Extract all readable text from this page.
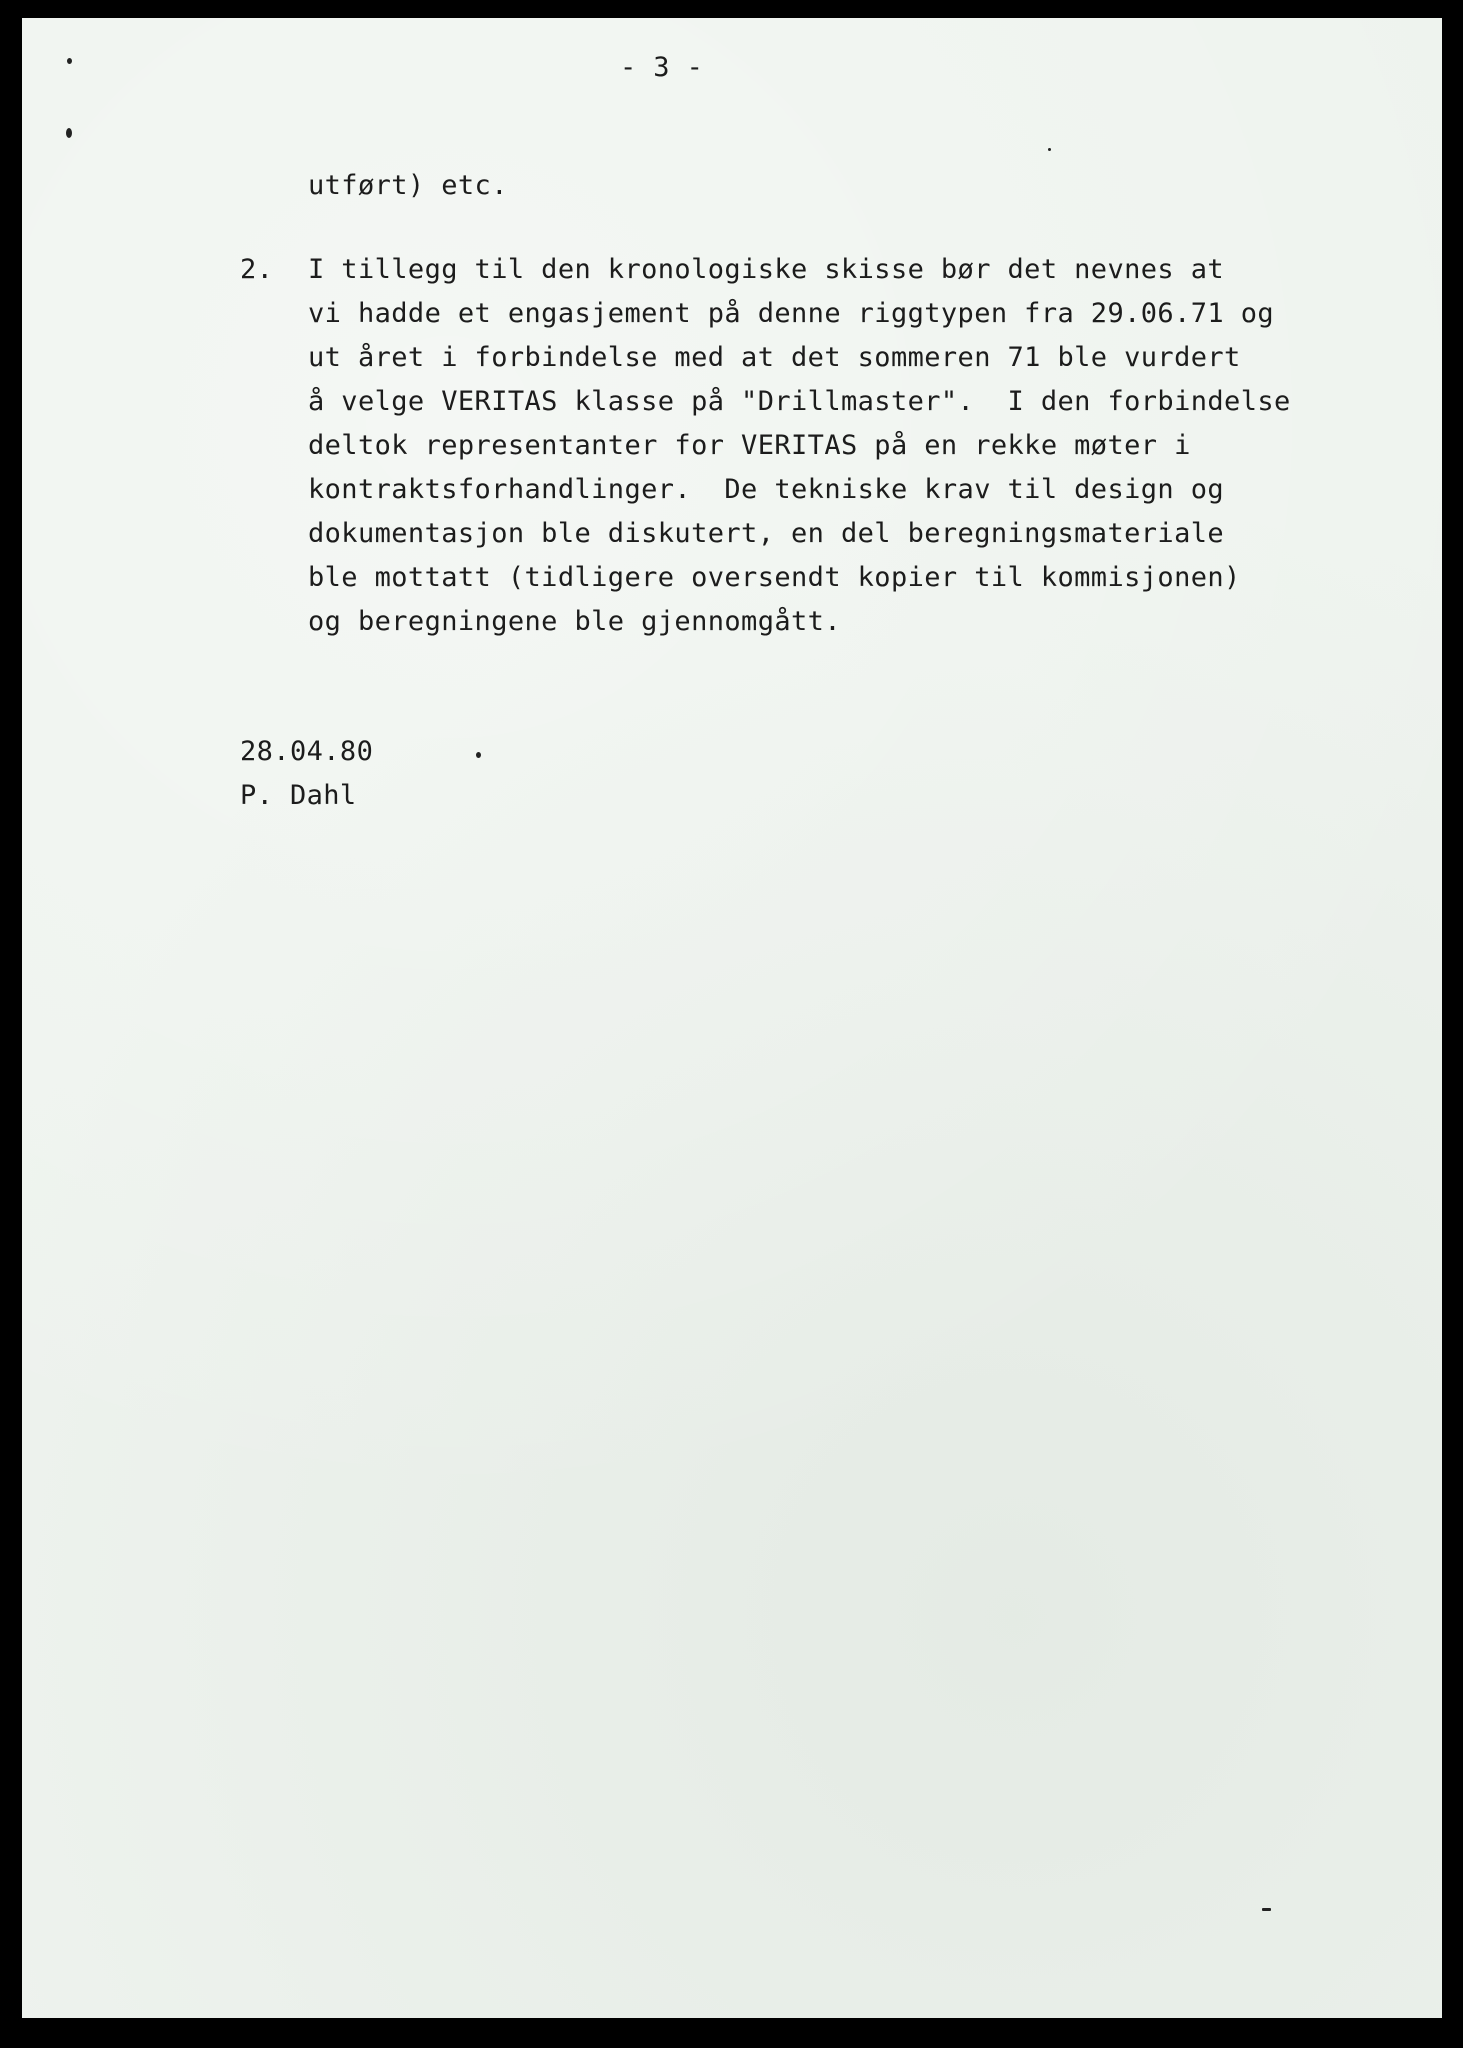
- 3 -
utført) etc.
2. I tillegg til den kronologiske skisse bør det nevnes at
vi hadde et engasjement på denne riggtypen fra 29.06.71 og
ut året i forbindelse med at det sommeren 71 ble vurdert
å velge VERITAS klasse på "Drillmaster".  I den forbindelse
deltok representanter for VERITAS på en rekke møter i
kontraktsforhandlinger.  De tekniske krav til design og
dokumentasjon ble diskutert, en del beregningsmateriale
ble mottatt (tidligere oversendt kopier til kommisjonen)
og beregningene ble gjennomgått.
28.04.80
P. Dahl
